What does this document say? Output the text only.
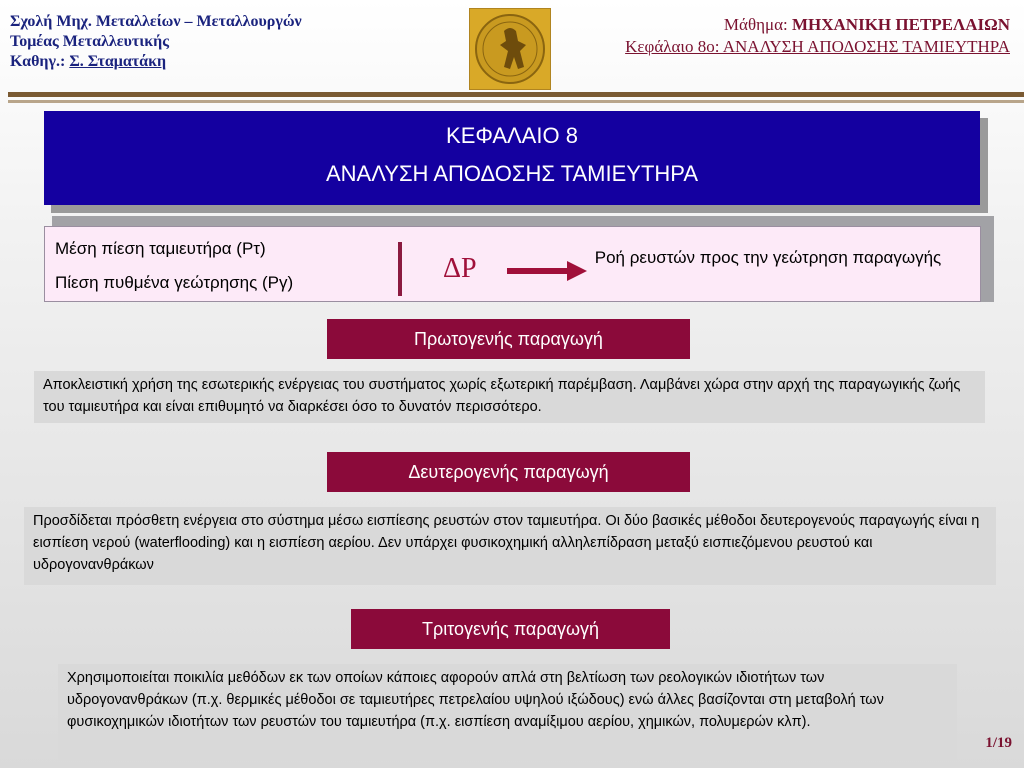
Σχολή Μηχ. Μεταλλείων – Μεταλλουργών
Τομέας Μεταλλευτικής
Καθηγ.: Σ. Σταματάκη
Μάθημα: ΜΗΧΑΝΙΚΗ ΠΕΤΡΕΛΑΙΩΝ
Κεφάλαιο 8ο: ΑΝΑΛΥΣΗ ΑΠΟΔΟΣΗΣ ΤΑΜΙΕΥΤΗΡΑ
ΚΕΦΑΛΑΙΟ 8
ΑΝΑΛΥΣΗ ΑΠΟΔΟΣΗΣ ΤΑΜΙΕΥΤΗΡΑ
Μέση πίεση ταμιευτήρα (Pτ)
Πίεση πυθμένα γεώτρησης (Pγ)	ΔP	Ροή ρευστών προς την γεώτρηση παραγωγής
Πρωτογενής παραγωγή
Αποκλειστική χρήση της εσωτερικής ενέργειας του συστήματος χωρίς εξωτερική παρέμβαση. Λαμβάνει χώρα στην αρχή της παραγωγικής ζωής του ταμιευτήρα και είναι επιθυμητό να διαρκέσει όσο το δυνατόν περισσότερο.
Δευτερογενής παραγωγή
Προσδίδεται πρόσθετη ενέργεια στο σύστημα μέσω εισπίεσης ρευστών στον ταμιευτήρα. Οι δύο βασικές μέθοδοι δευτερογενούς παραγωγής είναι η εισπίεση νερού (waterflooding) και η εισπίεση αερίου. Δεν υπάρχει φυσικοχημική αλληλεπίδραση μεταξύ εισπιεζόμενου ρευστού και υδρογονανθράκων
Τριτογενής παραγωγή
Χρησιμοποιείται ποικιλία μεθόδων εκ των οποίων κάποιες αφορούν απλά στη βελτίωση των ρεολογικών ιδιοτήτων των υδρογονανθράκων (π.χ. θερμικές μέθοδοι σε ταμιευτήρες πετρελαίου υψηλού ιξώδους) ενώ άλλες βασίζονται στη μεταβολή των φυσικοχημικών ιδιοτήτων των ρευστών του ταμιευτήρα (π.χ. εισπίεση αναμίξιμου αερίου, χημικών, πολυμερών κλπ).
1/19
